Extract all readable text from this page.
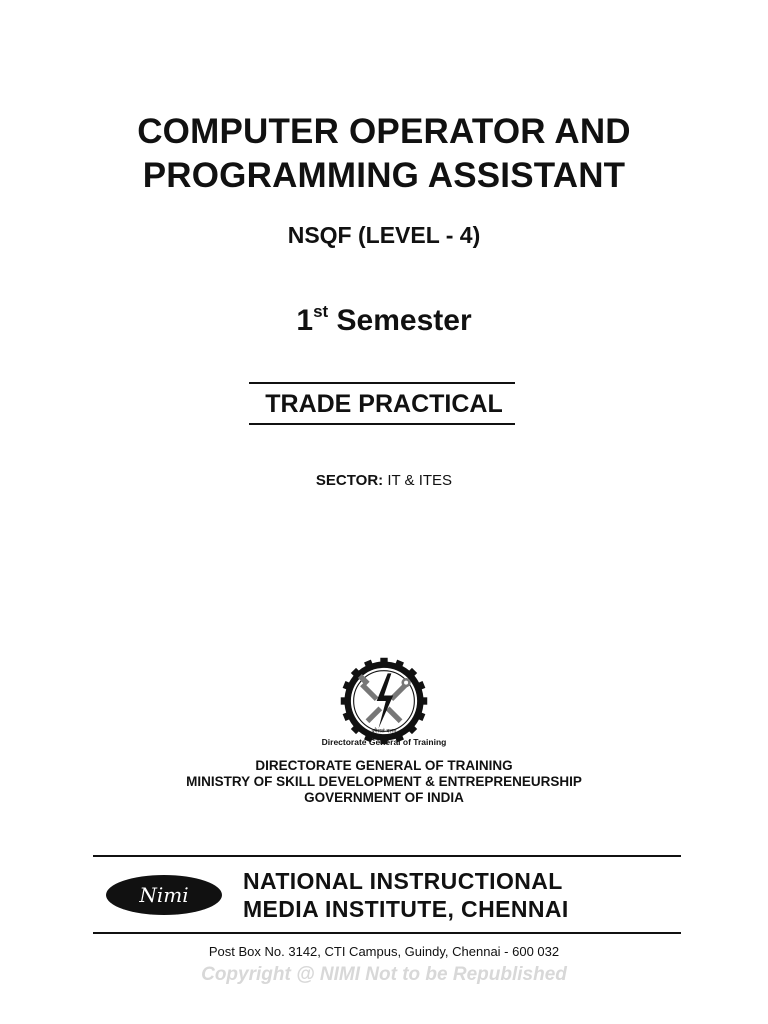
COMPUTER OPERATOR AND
PROGRAMMING ASSISTANT
NSQF (LEVEL - 4)
1st Semester
TRADE PRACTICAL
SECTOR: IT & ITES
कौशलं बलम्
Directorate General of Training
DIRECTORATE GENERAL OF TRAINING
MINISTRY OF SKILL DEVELOPMENT & ENTREPRENEURSHIP
GOVERNMENT OF INDIA
Nimi
NATIONAL INSTRUCTIONAL
MEDIA INSTITUTE, CHENNAI
Post Box No. 3142, CTI Campus, Guindy, Chennai - 600 032
Copyright @ NIMI Not to be Republished
